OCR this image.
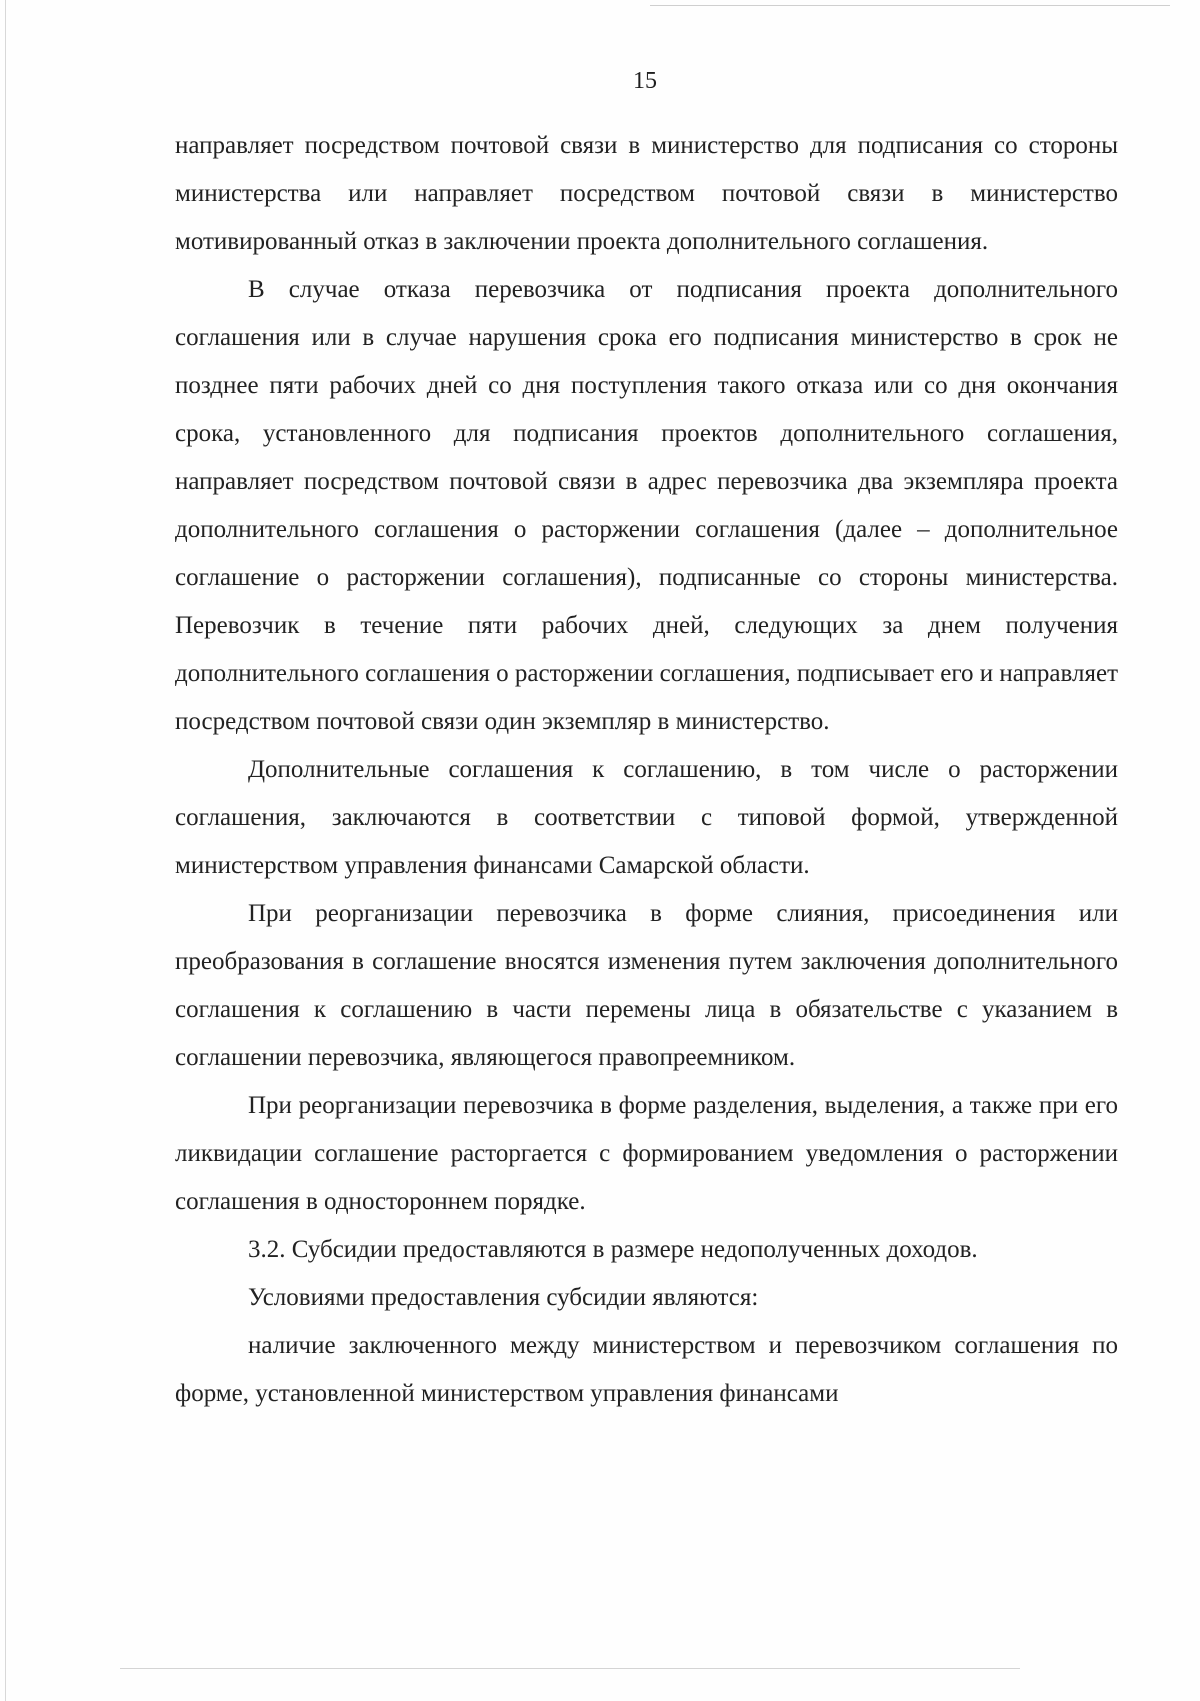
15

направляет посредством почтовой связи в министерство для подписания со стороны министерства или направляет посредством почтовой связи в министерство мотивированный отказ в заключении проекта дополнительного соглашения.

В случае отказа перевозчика от подписания проекта дополнительного соглашения или в случае нарушения срока его подписания министерство в срок не позднее пяти рабочих дней со дня поступления такого отказа или со дня окончания срока, установленного для подписания проектов дополнительного соглашения, направляет посредством почтовой связи в адрес перевозчика два экземпляра проекта дополнительного соглашения о расторжении соглашения (далее – дополнительное соглашение о расторжении соглашения), подписанные со стороны министерства. Перевозчик в течение пяти рабочих дней, следующих за днем получения дополнительного соглашения о расторжении соглашения, подписывает его и направляет посредством почтовой связи один экземпляр в министерство.

Дополнительные соглашения к соглашению, в том числе о расторжении соглашения, заключаются в соответствии с типовой формой, утвержденной министерством управления финансами Самарской области.

При реорганизации перевозчика в форме слияния, присоединения или преобразования в соглашение вносятся изменения путем заключения дополнительного соглашения к соглашению в части перемены лица в обязательстве с указанием в соглашении перевозчика, являющегося правопреемником.

При реорганизации перевозчика в форме разделения, выделения, а также при его ликвидации соглашение расторгается с формированием уведомления о расторжении соглашения в одностороннем порядке.

3.2. Субсидии предоставляются в размере недополученных доходов.

Условиями предоставления субсидии являются:

наличие заключенного между министерством и перевозчиком соглашения по форме, установленной министерством управления финансами
